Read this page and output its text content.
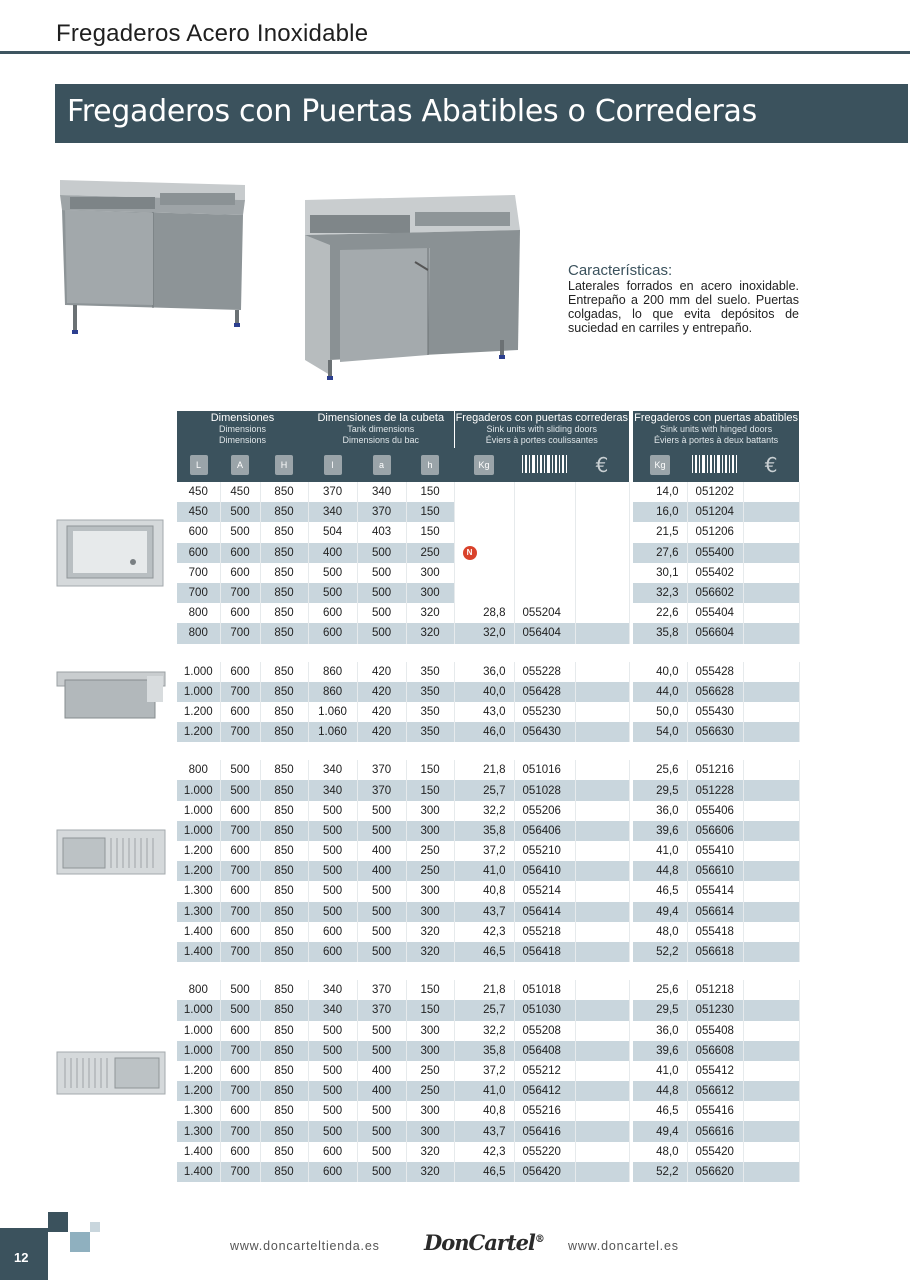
Fregaderos Acero Inoxidable
Fregaderos con Puertas Abatibles o Correderas
Características:

Laterales forrados en acero inoxidable. Entrepaño a 200 mm del suelo. Puertas colgadas, lo que evita depósitos de suciedad en carriles y entrepaño.

Dimensiones
Dimensions
Dimensions			Dimensiones de la cubeta
Tank dimensions
Dimensions du bac			Fregaderos con puertas correderas
Sink units with sliding doors
Éviers à portes coulissantes				Fregaderos con puertas abatibles
Sink units with hinged doors
Éviers à portes à deux battants		

L	A	H	l	a	h	Kg		€		Kg		€
450	450	850	370	340	150					14,0	051202	
450	500	850	340	370	150					16,0	051204	
600	500	850	504	403	150					21,5	051206	
600	600	850	400	500	250	N				27,6	055400	
700	600	850	500	500	300					30,1	055402	
700	700	850	500	500	300					32,3	056602	
800	600	850	600	500	320	28,8	055204			22,6	055404	
800	700	850	600	500	320	32,0	056404			35,8	056604	

1.000	600	850	860	420	350	36,0	055228			40,0	055428	
1.000	700	850	860	420	350	40,0	056428			44,0	056628	
1.200	600	850	1.060	420	350	43,0	055230			50,0	055430	
1.200	700	850	1.060	420	350	46,0	056430			54,0	056630	

800	500	850	340	370	150	21,8	051016			25,6	051216	
1.000	500	850	340	370	150	25,7	051028			29,5	051228	
1.000	600	850	500	500	300	32,2	055206			36,0	055406	
1.000	700	850	500	500	300	35,8	056406			39,6	056606	
1.200	600	850	500	400	250	37,2	055210			41,0	055410	
1.200	700	850	500	400	250	41,0	056410			44,8	056610	
1.300	600	850	500	500	300	40,8	055214			46,5	055414	
1.300	700	850	500	500	300	43,7	056414			49,4	056614	
1.400	600	850	600	500	320	42,3	055218			48,0	055418	
1.400	700	850	600	500	320	46,5	056418			52,2	056618	

800	500	850	340	370	150	21,8	051018			25,6	051218	
1.000	500	850	340	370	150	25,7	051030			29,5	051230	
1.000	600	850	500	500	300	32,2	055208			36,0	055408	
1.000	700	850	500	500	300	35,8	056408			39,6	056608	
1.200	600	850	500	400	250	37,2	055212			41,0	055412	
1.200	700	850	500	400	250	41,0	056412			44,8	056612	
1.300	600	850	500	500	300	40,8	055216			46,5	055416	
1.300	700	850	500	500	300	43,7	056416			49,4	056616	
1.400	600	850	600	500	320	42,3	055220			48,0	055420	
1.400	700	850	600	500	320	46,5	056420			52,2	056620	
12
www.doncarteltienda.es DonCartel® www.doncartel.es
